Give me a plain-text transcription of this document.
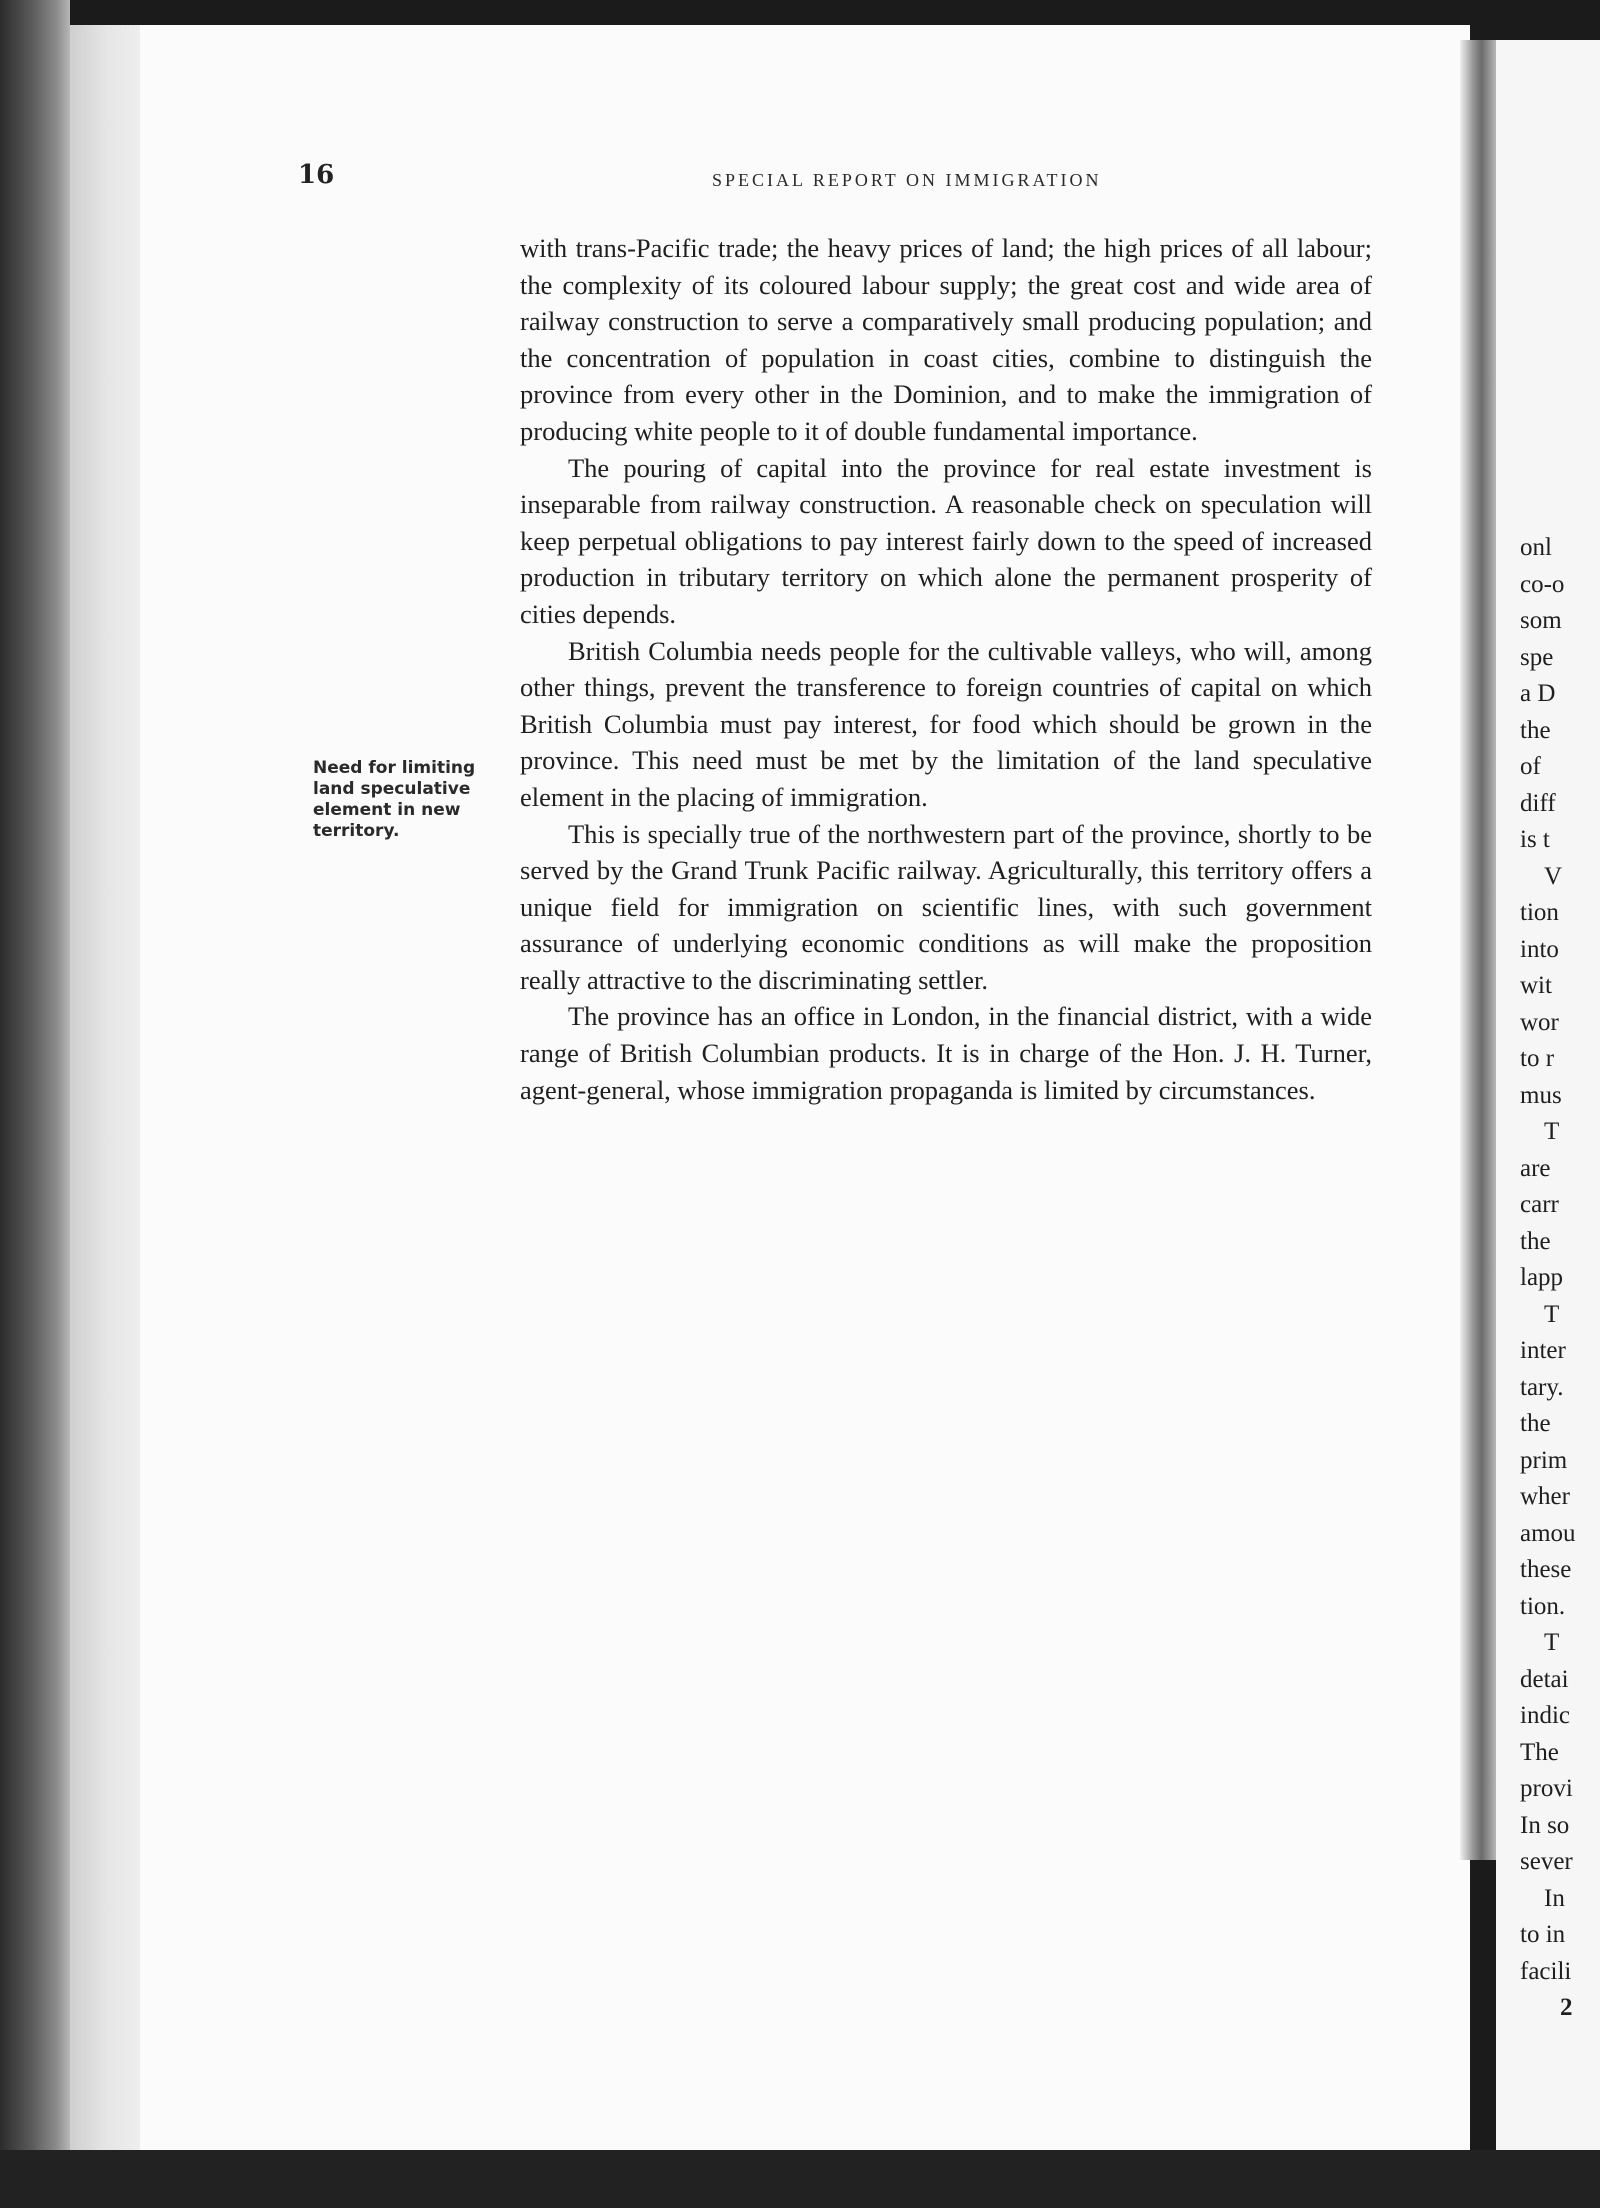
onl
co-o
som
spe
a D
the
of
diff
is t
V
tion
into
wit
wor
to r
mus
T
are
carr
the
lapp
T
inter
tary.
the
prim
wher
amou
these
tion.
T
detai
indic
The
provi
In so
sever
In
to in
facili
2
16	SPECIAL REPORT ON IMMIGRATION

Need for limiting land speculative element in new territory.

with trans-Pacific trade; the heavy prices of land; the high prices of all labour; the complexity of its coloured labour supply; the great cost and wide area of railway construction to serve a comparatively small producing population; and the concentration of population in coast cities, combine to distinguish the province from every other in the Dominion, and to make the immigration of producing white people to it of double fundamental importance.

The pouring of capital into the province for real estate investment is inseparable from railway construction. A reasonable check on speculation will keep perpetual obligations to pay interest fairly down to the speed of increased production in tributary territory on which alone the permanent prosperity of cities depends.

British Columbia needs people for the cultivable valleys, who will, among other things, prevent the transference to foreign countries of capital on which British Columbia must pay interest, for food which should be grown in the province. This need must be met by the limitation of the land speculative element in the placing of immigration.

This is specially true of the northwestern part of the province, shortly to be served by the Grand Trunk Pacific railway. Agriculturally, this territory offers a unique field for immigration on scientific lines, with such government assurance of underlying economic conditions as will make the proposition really attractive to the discriminating settler.

The province has an office in London, in the financial district, with a wide range of British Columbian products. It is in charge of the Hon. J. H. Turner, agent-general, whose immigration propaganda is limited by circumstances.
